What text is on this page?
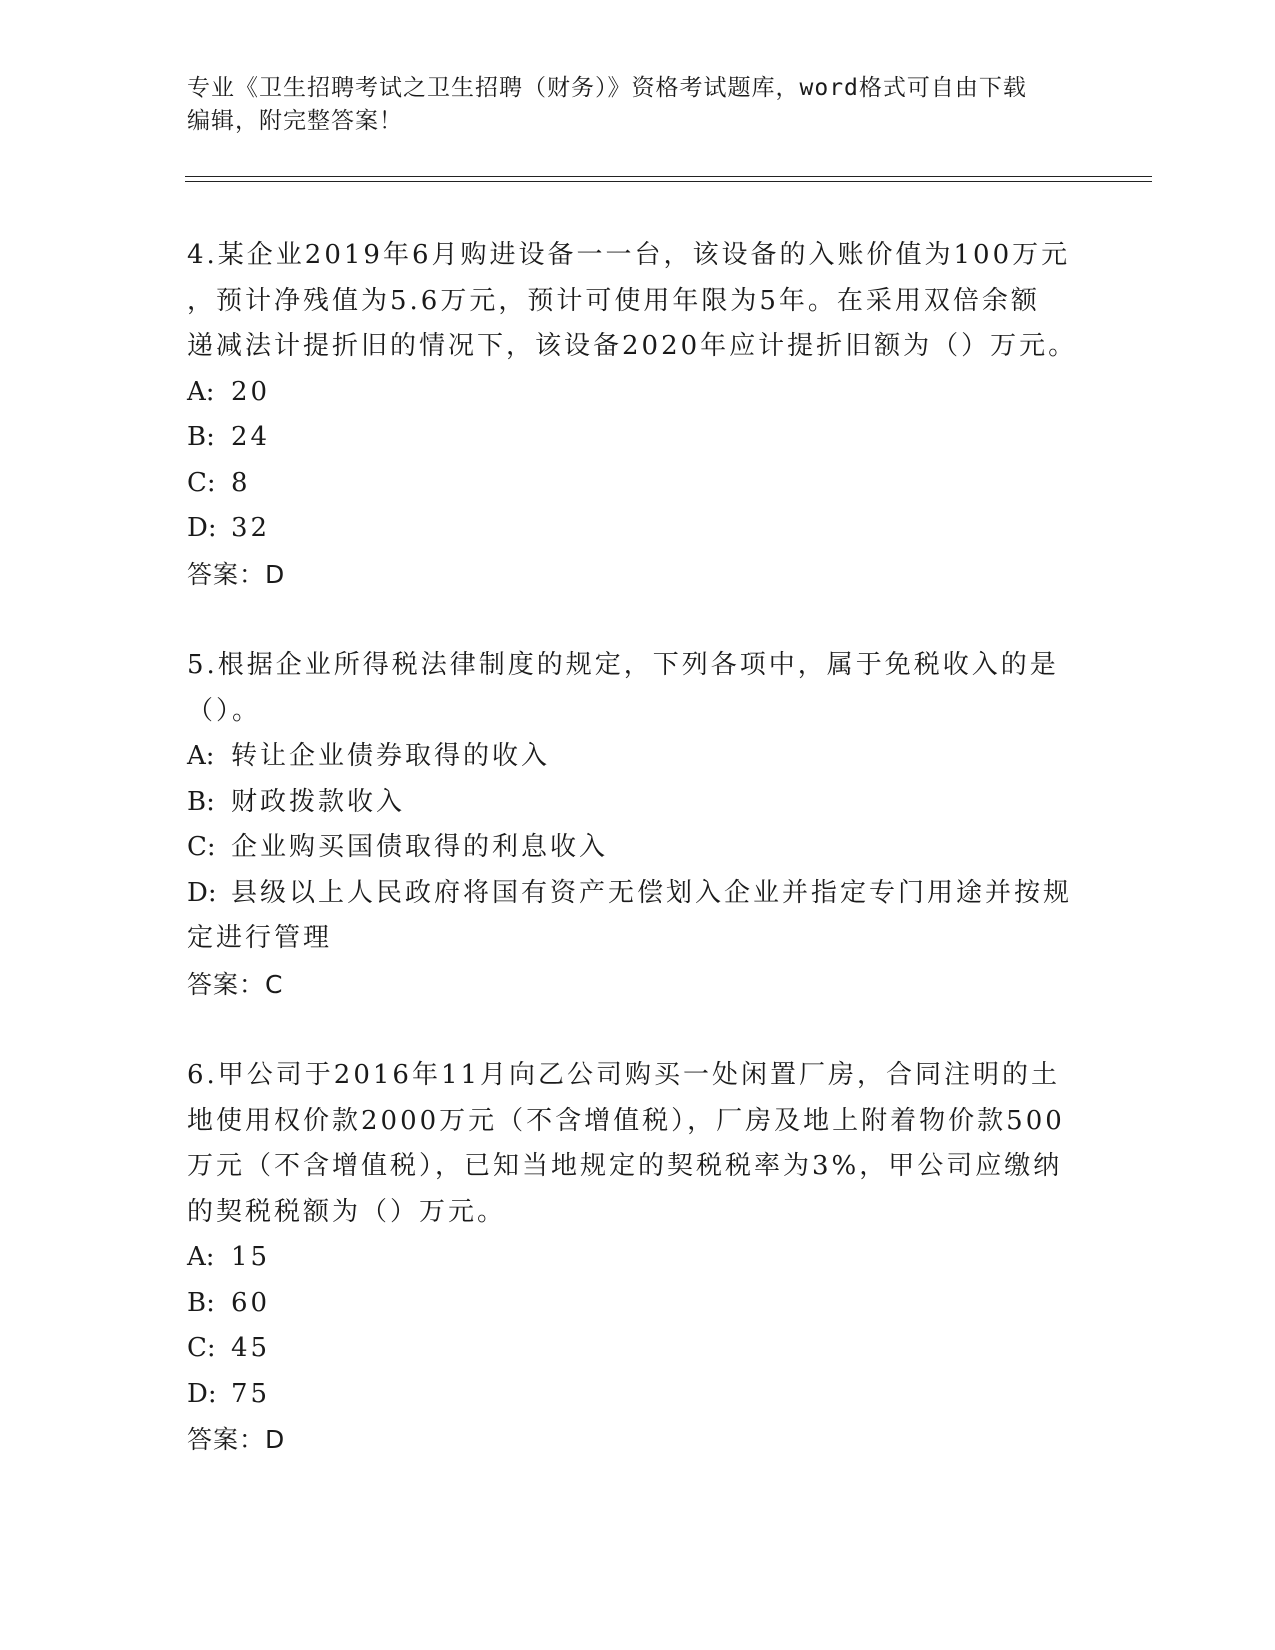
专业《卫生招聘考试之卫生招聘（财务）》资格考试题库，word格式可自由下载
编辑，附完整答案！
4.某企业2019年6月购进设备一一台，该设备的入账价值为100万元
，预计净残值为5.6万元，预计可使用年限为5年。在采用双倍余额
递减法计提折旧的情况下，该设备2020年应计提折旧额为（）万元。
A: 20
B: 24
C: 8
D: 32
答案：D
5.根据企业所得税法律制度的规定，下列各项中，属于免税收入的是
（）。
A: 转让企业债券取得的收入
B: 财政拨款收入
C: 企业购买国债取得的利息收入
D: 县级以上人民政府将国有资产无偿划入企业并指定专门用途并按规
定进行管理
答案：C
6.甲公司于2016年11月向乙公司购买一处闲置厂房，合同注明的土
地使用权价款2000万元（不含增值税），厂房及地上附着物价款500
万元（不含增值税），已知当地规定的契税税率为3%，甲公司应缴纳
的契税税额为（）万元。
A: 15
B: 60
C: 45
D: 75
答案：D
